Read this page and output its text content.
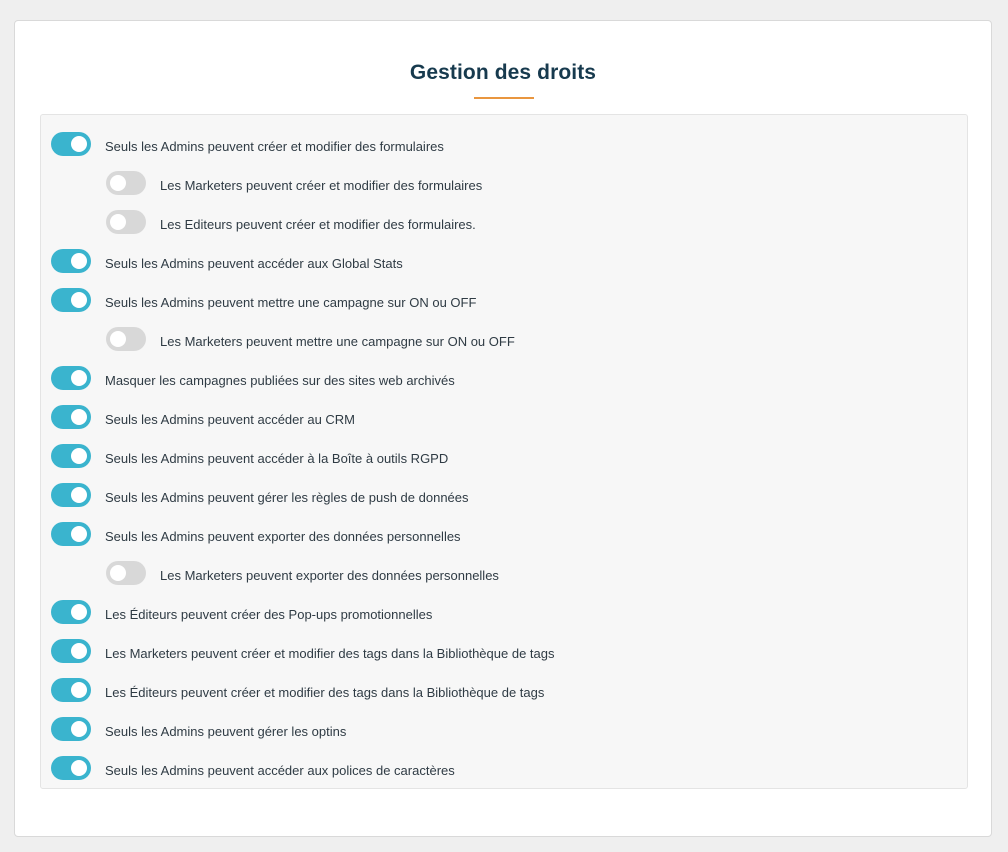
Gestion des droits
Seuls les Admins peuvent créer et modifier des formulaires
Les Marketers peuvent créer et modifier des formulaires
Les Editeurs peuvent créer et modifier des formulaires.
Seuls les Admins peuvent accéder aux Global Stats
Seuls les Admins peuvent mettre une campagne sur ON ou OFF
Les Marketers peuvent mettre une campagne sur ON ou OFF
Masquer les campagnes publiées sur des sites web archivés
Seuls les Admins peuvent accéder au CRM
Seuls les Admins peuvent accéder à la Boîte à outils RGPD
Seuls les Admins peuvent gérer les règles de push de données
Seuls les Admins peuvent exporter des données personnelles
Les Marketers peuvent exporter des données personnelles
Les Éditeurs peuvent créer des Pop-ups promotionnelles
Les Marketers peuvent créer et modifier des tags dans la Bibliothèque de tags
Les Éditeurs peuvent créer et modifier des tags dans la Bibliothèque de tags
Seuls les Admins peuvent gérer les optins
Seuls les Admins peuvent accéder aux polices de caractères
